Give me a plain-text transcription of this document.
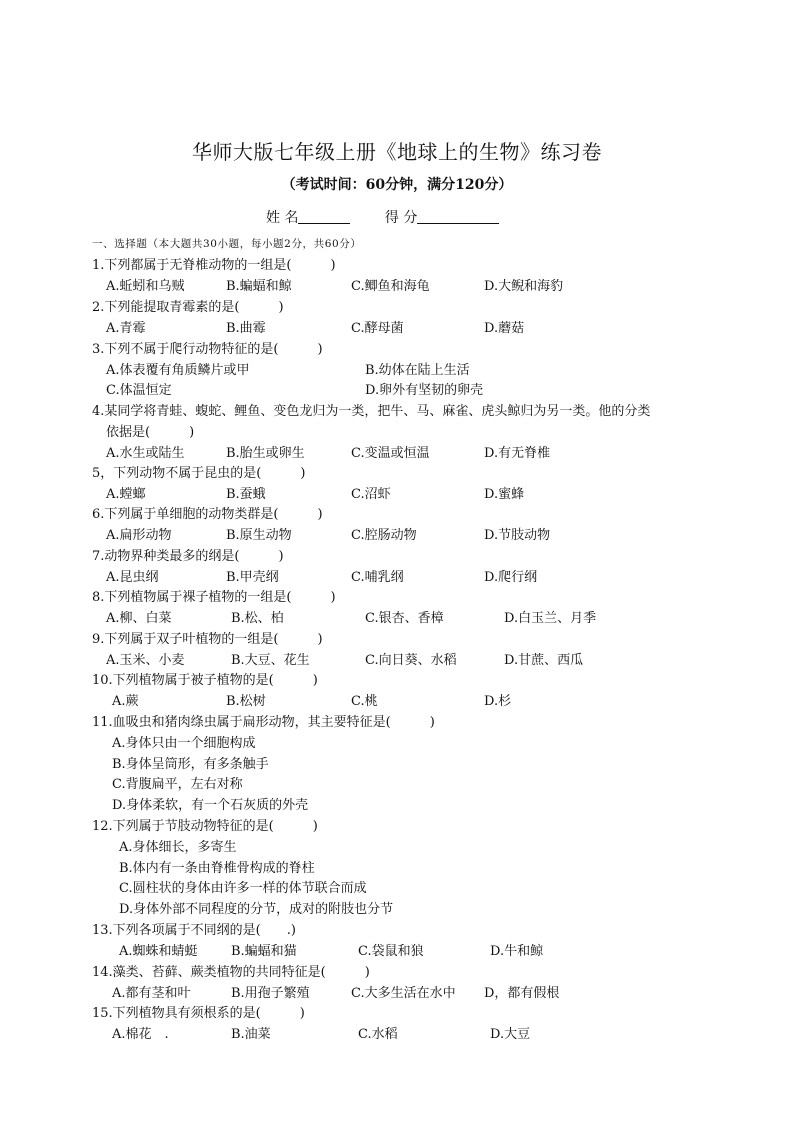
华师大版七年级上册《地球上的生物》练习卷
（考试时间：60分钟，满分120分）
姓 名	得 分
一、选择题（本大题共30小题，每小题2分，共60分）
1.下列都属于无脊椎动物的一组是(　　　)
A.蚯蚓和乌贼	B.蝙蝠和鲸	C.鲫鱼和海龟	D.大鲵和海豹
2.下列能提取青霉素的是(　　　)
A.青霉	B.曲霉	C.酵母菌	D.蘑菇
3.下列不属于爬行动物特征的是(　　　)
A.体表覆有角质鳞片或甲	B.幼体在陆上生活
C.体温恒定	D.卵外有坚韧的卵壳
4.某同学将青蛙、蝮蛇、鲤鱼、变色龙归为一类，把牛、马、麻雀、虎头鲸归为另一类。他的分类
依据是(　　　)
A.水生或陆生	B.胎生或卵生	C.变温或恒温	D.有无脊椎
5，下列动物不属于昆虫的是(　　　)
A.螳螂	B.蚕蛾	C.沼虾	D.蜜蜂
6.下列属于单细胞的动物类群是(　　　)
A.扁形动物	B.原生动物	C.腔肠动物	D.节肢动物
7.动物界种类最多的纲是(　　　)
A.昆虫纲	B.甲壳纲	C.哺乳纲	D.爬行纲
8.下列植物属于裸子植物的一组是(　　　)
A.柳、白菜	B.松、柏	C.银杏、香樟	D.白玉兰、月季
9.下列属于双子叶植物的一组是(　　　)
A.玉米、小麦	B.大豆、花生	C.向日葵、水稻	D.甘蔗、西瓜
10.下列植物属于被子植物的是(　　　)
A.蕨	B.松树	C.桃	D.杉
11.血吸虫和猪肉绦虫属于扁形动物，其主要特征是(　　　)
A.身体只由一个细胞构成
B.身体呈筒形，有多条触手
C.背腹扁平，左右对称
D.身体柔软，有一个石灰质的外壳
12.下列属于节肢动物特征的是(　　　)
A.身体细长，多寄生
B.体内有一条由脊椎骨构成的脊柱
C.圆柱状的身体由许多一样的体节联合而成
D.身体外部不同程度的分节，成对的附肢也分节
13.下列各项属于不同纲的是(　　.)
A.蜘蛛和蜻蜓	B.蝙蝠和猫	C.袋鼠和狼	D.牛和鲸
14.藻类、苔藓、蕨类植物的共同特征是(　　　)
A.都有茎和叶	B.用孢子繁殖	C.大多生活在水中 D，都有假根
15.下列植物具有须根系的是(　　　)
A.棉花　.	B.油菜	C.水稻	D.大豆
